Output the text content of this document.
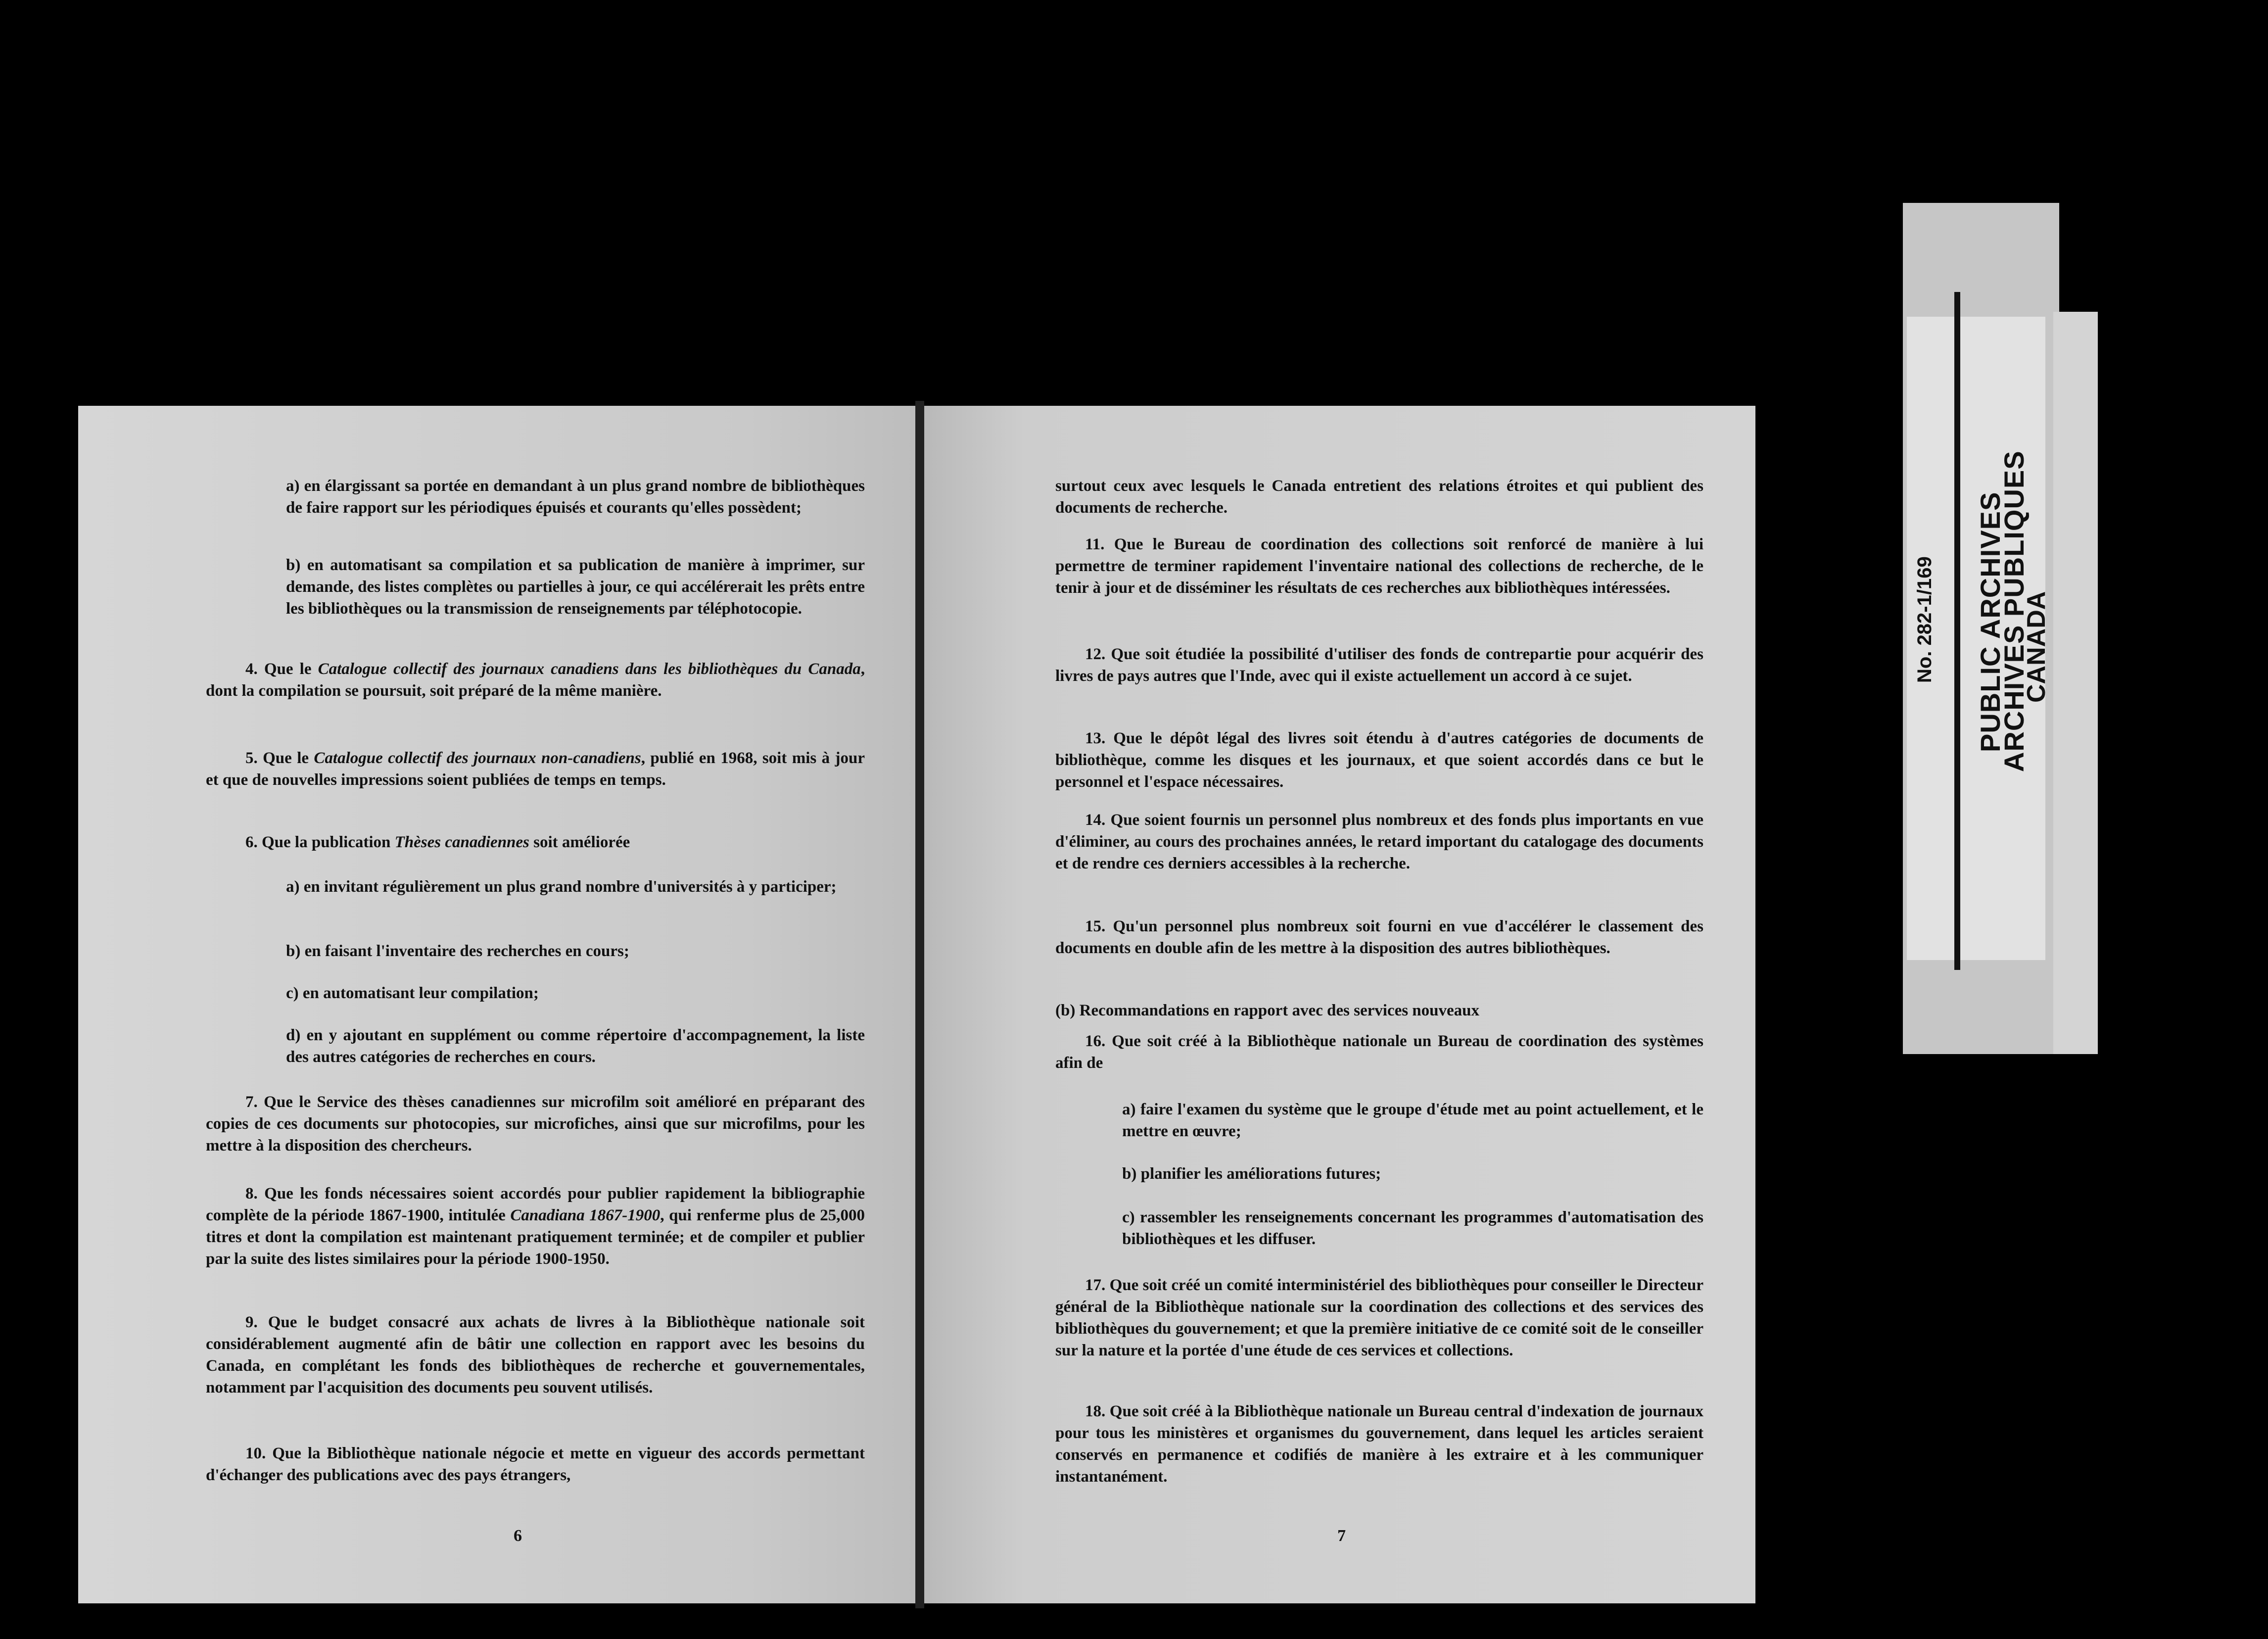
a) en élargissant sa portée en demandant à un plus grand nombre de bibliothèques de faire rapport sur les périodiques épuisés et courants qu'elles possèdent;

b) en automatisant sa compilation et sa publication de manière à imprimer, sur demande, des listes complètes ou partielles à jour, ce qui accélérerait les prêts entre les bibliothèques ou la transmission de renseignements par téléphotocopie.

4. Que le Catalogue collectif des journaux canadiens dans les bibliothèques du Canada, dont la compilation se poursuit, soit préparé de la même manière.

5. Que le Catalogue collectif des journaux non-canadiens, publié en 1968, soit mis à jour et que de nouvelles impressions soient publiées de temps en temps.

6. Que la publication Thèses canadiennes soit améliorée

a) en invitant régulièrement un plus grand nombre d'universités à y participer;

b) en faisant l'inventaire des recherches en cours;

c) en automatisant leur compilation;

d) en y ajoutant en supplément ou comme répertoire d'accompagnement, la liste des autres catégories de recherches en cours.

7. Que le Service des thèses canadiennes sur microfilm soit amélioré en préparant des copies de ces documents sur photocopies, sur microfiches, ainsi que sur microfilms, pour les mettre à la disposition des chercheurs.

8. Que les fonds nécessaires soient accordés pour publier rapidement la bibliographie complète de la période 1867-1900, intitulée Canadiana 1867-1900, qui renferme plus de 25,000 titres et dont la compilation est maintenant pratiquement terminée; et de compiler et publier par la suite des listes similaires pour la période 1900-1950.

9. Que le budget consacré aux achats de livres à la Bibliothèque nationale soit considérablement augmenté afin de bâtir une collection en rapport avec les besoins du Canada, en complétant les fonds des bibliothèques de recherche et gouvernementales, notamment par l'acquisition des documents peu souvent utilisés.

10. Que la Bibliothèque nationale négocie et mette en vigueur des accords permettant d'échanger des publications avec des pays étrangers,

6

surtout ceux avec lesquels le Canada entretient des relations étroites et qui publient des documents de recherche.

11. Que le Bureau de coordination des collections soit renforcé de manière à lui permettre de terminer rapidement l'inventaire national des collections de recherche, de le tenir à jour et de disséminer les résultats de ces recherches aux bibliothèques intéressées.

12. Que soit étudiée la possibilité d'utiliser des fonds de contrepartie pour acquérir des livres de pays autres que l'Inde, avec qui il existe actuellement un accord à ce sujet.

13. Que le dépôt légal des livres soit étendu à d'autres catégories de documents de bibliothèque, comme les disques et les journaux, et que soient accordés dans ce but le personnel et l'espace nécessaires.

14. Que soient fournis un personnel plus nombreux et des fonds plus importants en vue d'éliminer, au cours des prochaines années, le retard important du catalogage des documents et de rendre ces derniers accessibles à la recherche.

15. Qu'un personnel plus nombreux soit fourni en vue d'accélérer le classement des documents en double afin de les mettre à la disposition des autres bibliothèques.

(b) Recommandations en rapport avec des services nouveaux

16. Que soit créé à la Bibliothèque nationale un Bureau de coordination des systèmes afin de

a) faire l'examen du système que le groupe d'étude met au point actuellement, et le mettre en œuvre;

b) planifier les améliorations futures;

c) rassembler les renseignements concernant les programmes d'automatisation des bibliothèques et les diffuser.

17. Que soit créé un comité interministériel des bibliothèques pour conseiller le Directeur général de la Bibliothèque nationale sur la coordination des collections et des services des bibliothèques du gouvernement; et que la première initiative de ce comité soit de le conseiller sur la nature et la portée d'une étude de ces services et collections.

18. Que soit créé à la Bibliothèque nationale un Bureau central d'indexation de journaux pour tous les ministères et organismes du gouvernement, dans lequel les articles seraient conservés en permanence et codifiés de manière à les extraire et à les communiquer instantanément.

7
No. 282-1/169 PUBLIC ARCHIVES
ARCHIVES PUBLIQUES
CANADA
